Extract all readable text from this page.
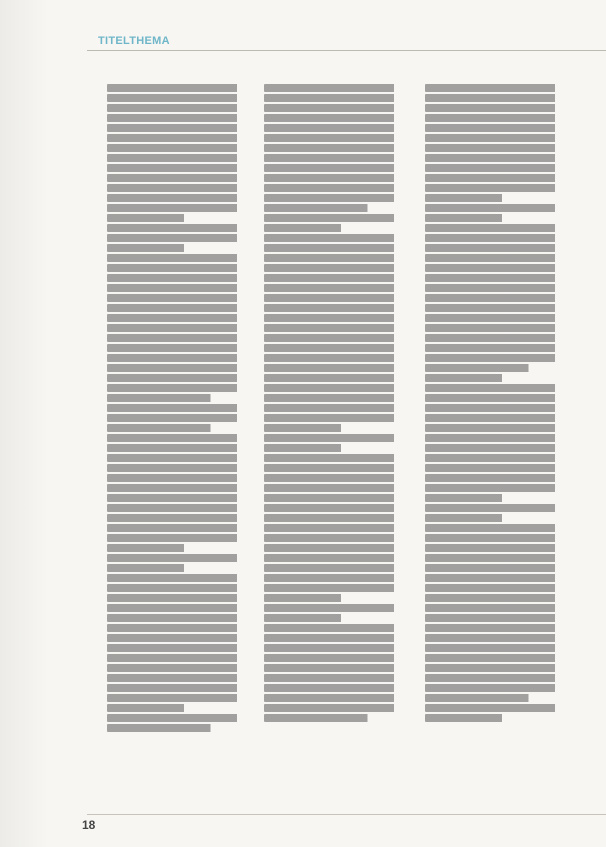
TITELTHEMA
18
